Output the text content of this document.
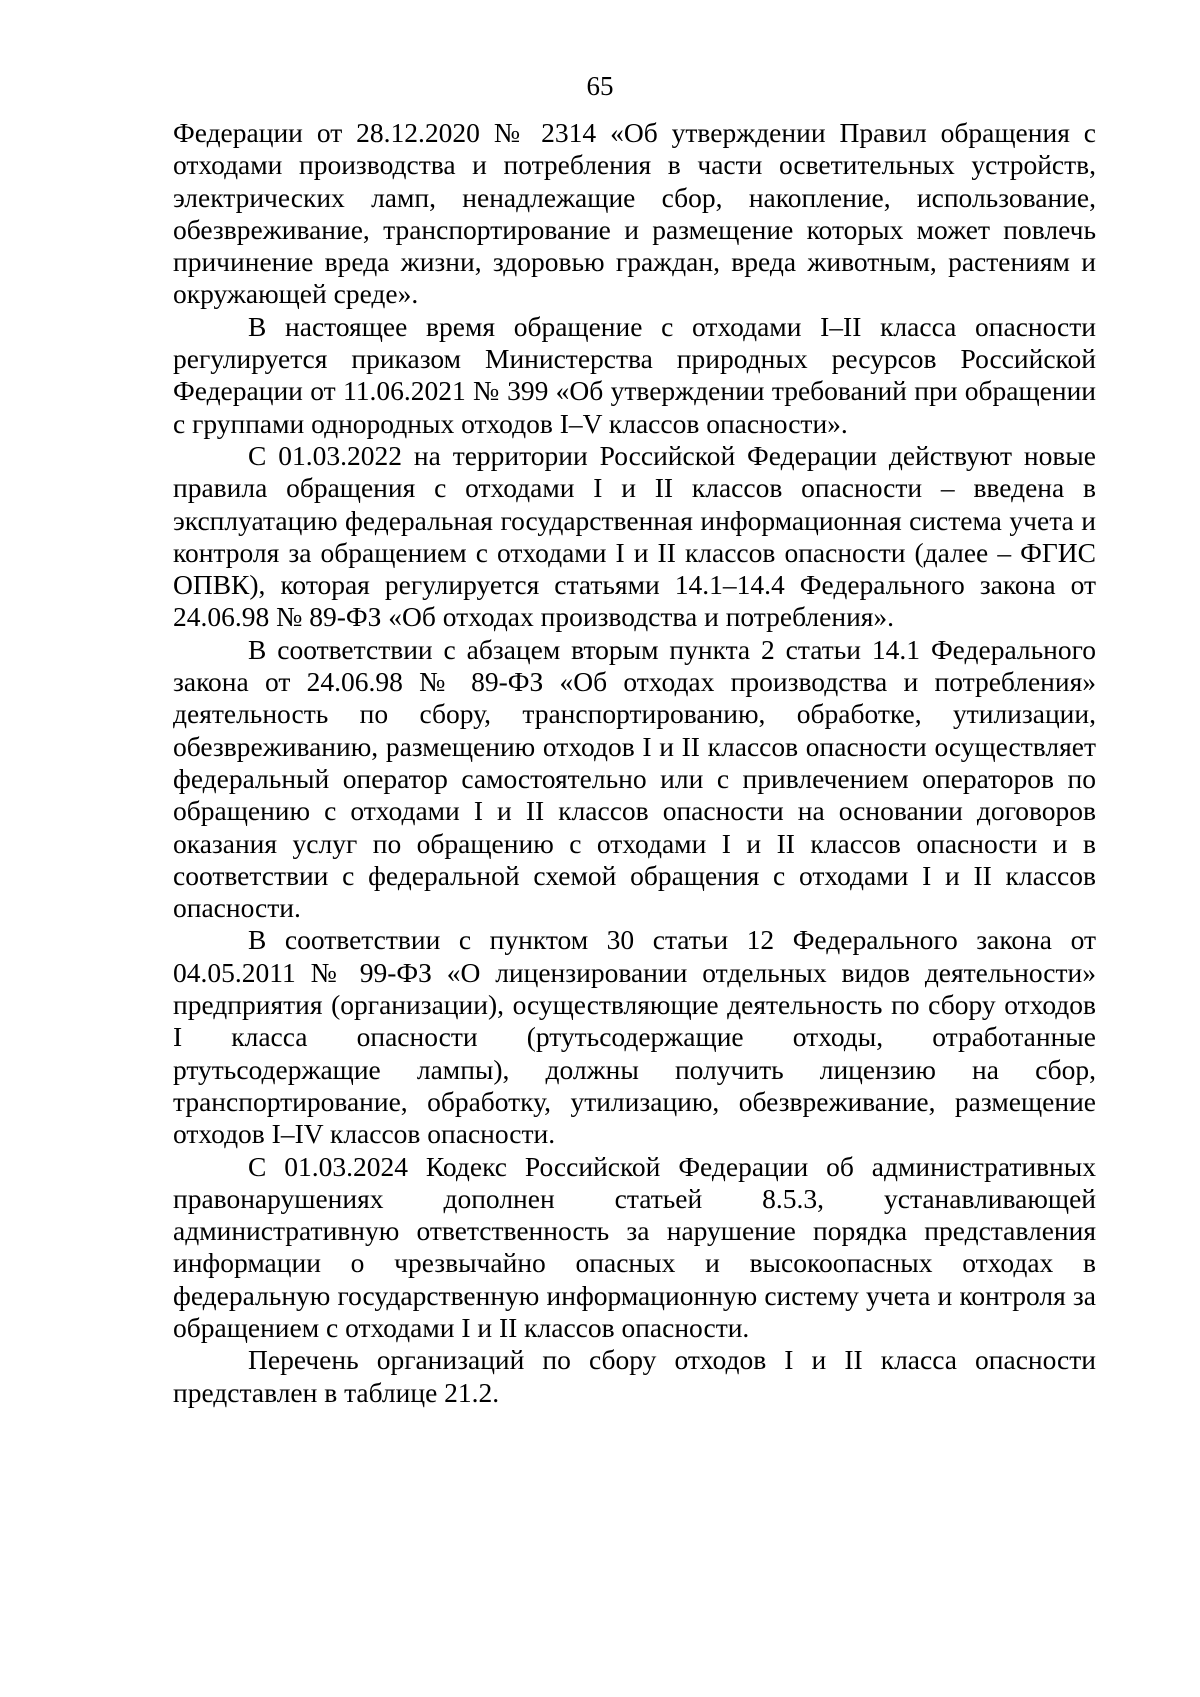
65

Федерации от 28.12.2020 № 2314 «Об утверждении Правил обращения с отходами производства и потребления в части осветительных устройств, электрических ламп, ненадлежащие сбор, накопление, использование, обезвреживание, транспортирование и размещение которых может повлечь причинение вреда жизни, здоровью граждан, вреда животным, растениям и окружающей среде».

В настоящее время обращение с отходами I–II класса опасности регулируется приказом Министерства природных ресурсов Российской Федерации от 11.06.2021 № 399 «Об утверждении требований при обращении с группами однородных отходов I–V классов опасности».

С 01.03.2022 на территории Российской Федерации действуют новые правила обращения с отходами I и II классов опасности – введена в эксплуатацию федеральная государственная информационная система учета и контроля за обращением с отходами I и II классов опасности (далее – ФГИС ОПВК), которая регулируется статьями 14.1–14.4 Федерального закона от 24.06.98 № 89-ФЗ «Об отходах производства и потребления».

В соответствии с абзацем вторым пункта 2 статьи 14.1 Федерального закона от 24.06.98 № 89-ФЗ «Об отходах производства и потребления» деятельность по сбору, транспортированию, обработке, утилизации, обезвреживанию, размещению отходов I и II классов опасности осуществляет федеральный оператор самостоятельно или с привлечением операторов по обращению с отходами I и II классов опасности на основании договоров оказания услуг по обращению с отходами I и II классов опасности и в соответствии с федеральной схемой обращения с отходами I и II классов опасности.

В соответствии с пунктом 30 статьи 12 Федерального закона от 04.05.2011 № 99-ФЗ «О лицензировании отдельных видов деятельности» предприятия (организации), осуществляющие деятельность по сбору отходов I класса опасности (ртутьсодержащие отходы, отработанные ртутьсодержащие лампы), должны получить лицензию на сбор, транспортирование, обработку, утилизацию, обезвреживание, размещение отходов I–IV классов опасности.

С 01.03.2024 Кодекс Российской Федерации об административных правонарушениях дополнен статьей 8.5.3, устанавливающей административную ответственность за нарушение порядка представления информации о чрезвычайно опасных и высокоопасных отходах в федеральную государственную информационную систему учета и контроля за обращением с отходами I и II классов опасности.

Перечень организаций по сбору отходов I и II класса опасности представлен в таблице 21.2.
